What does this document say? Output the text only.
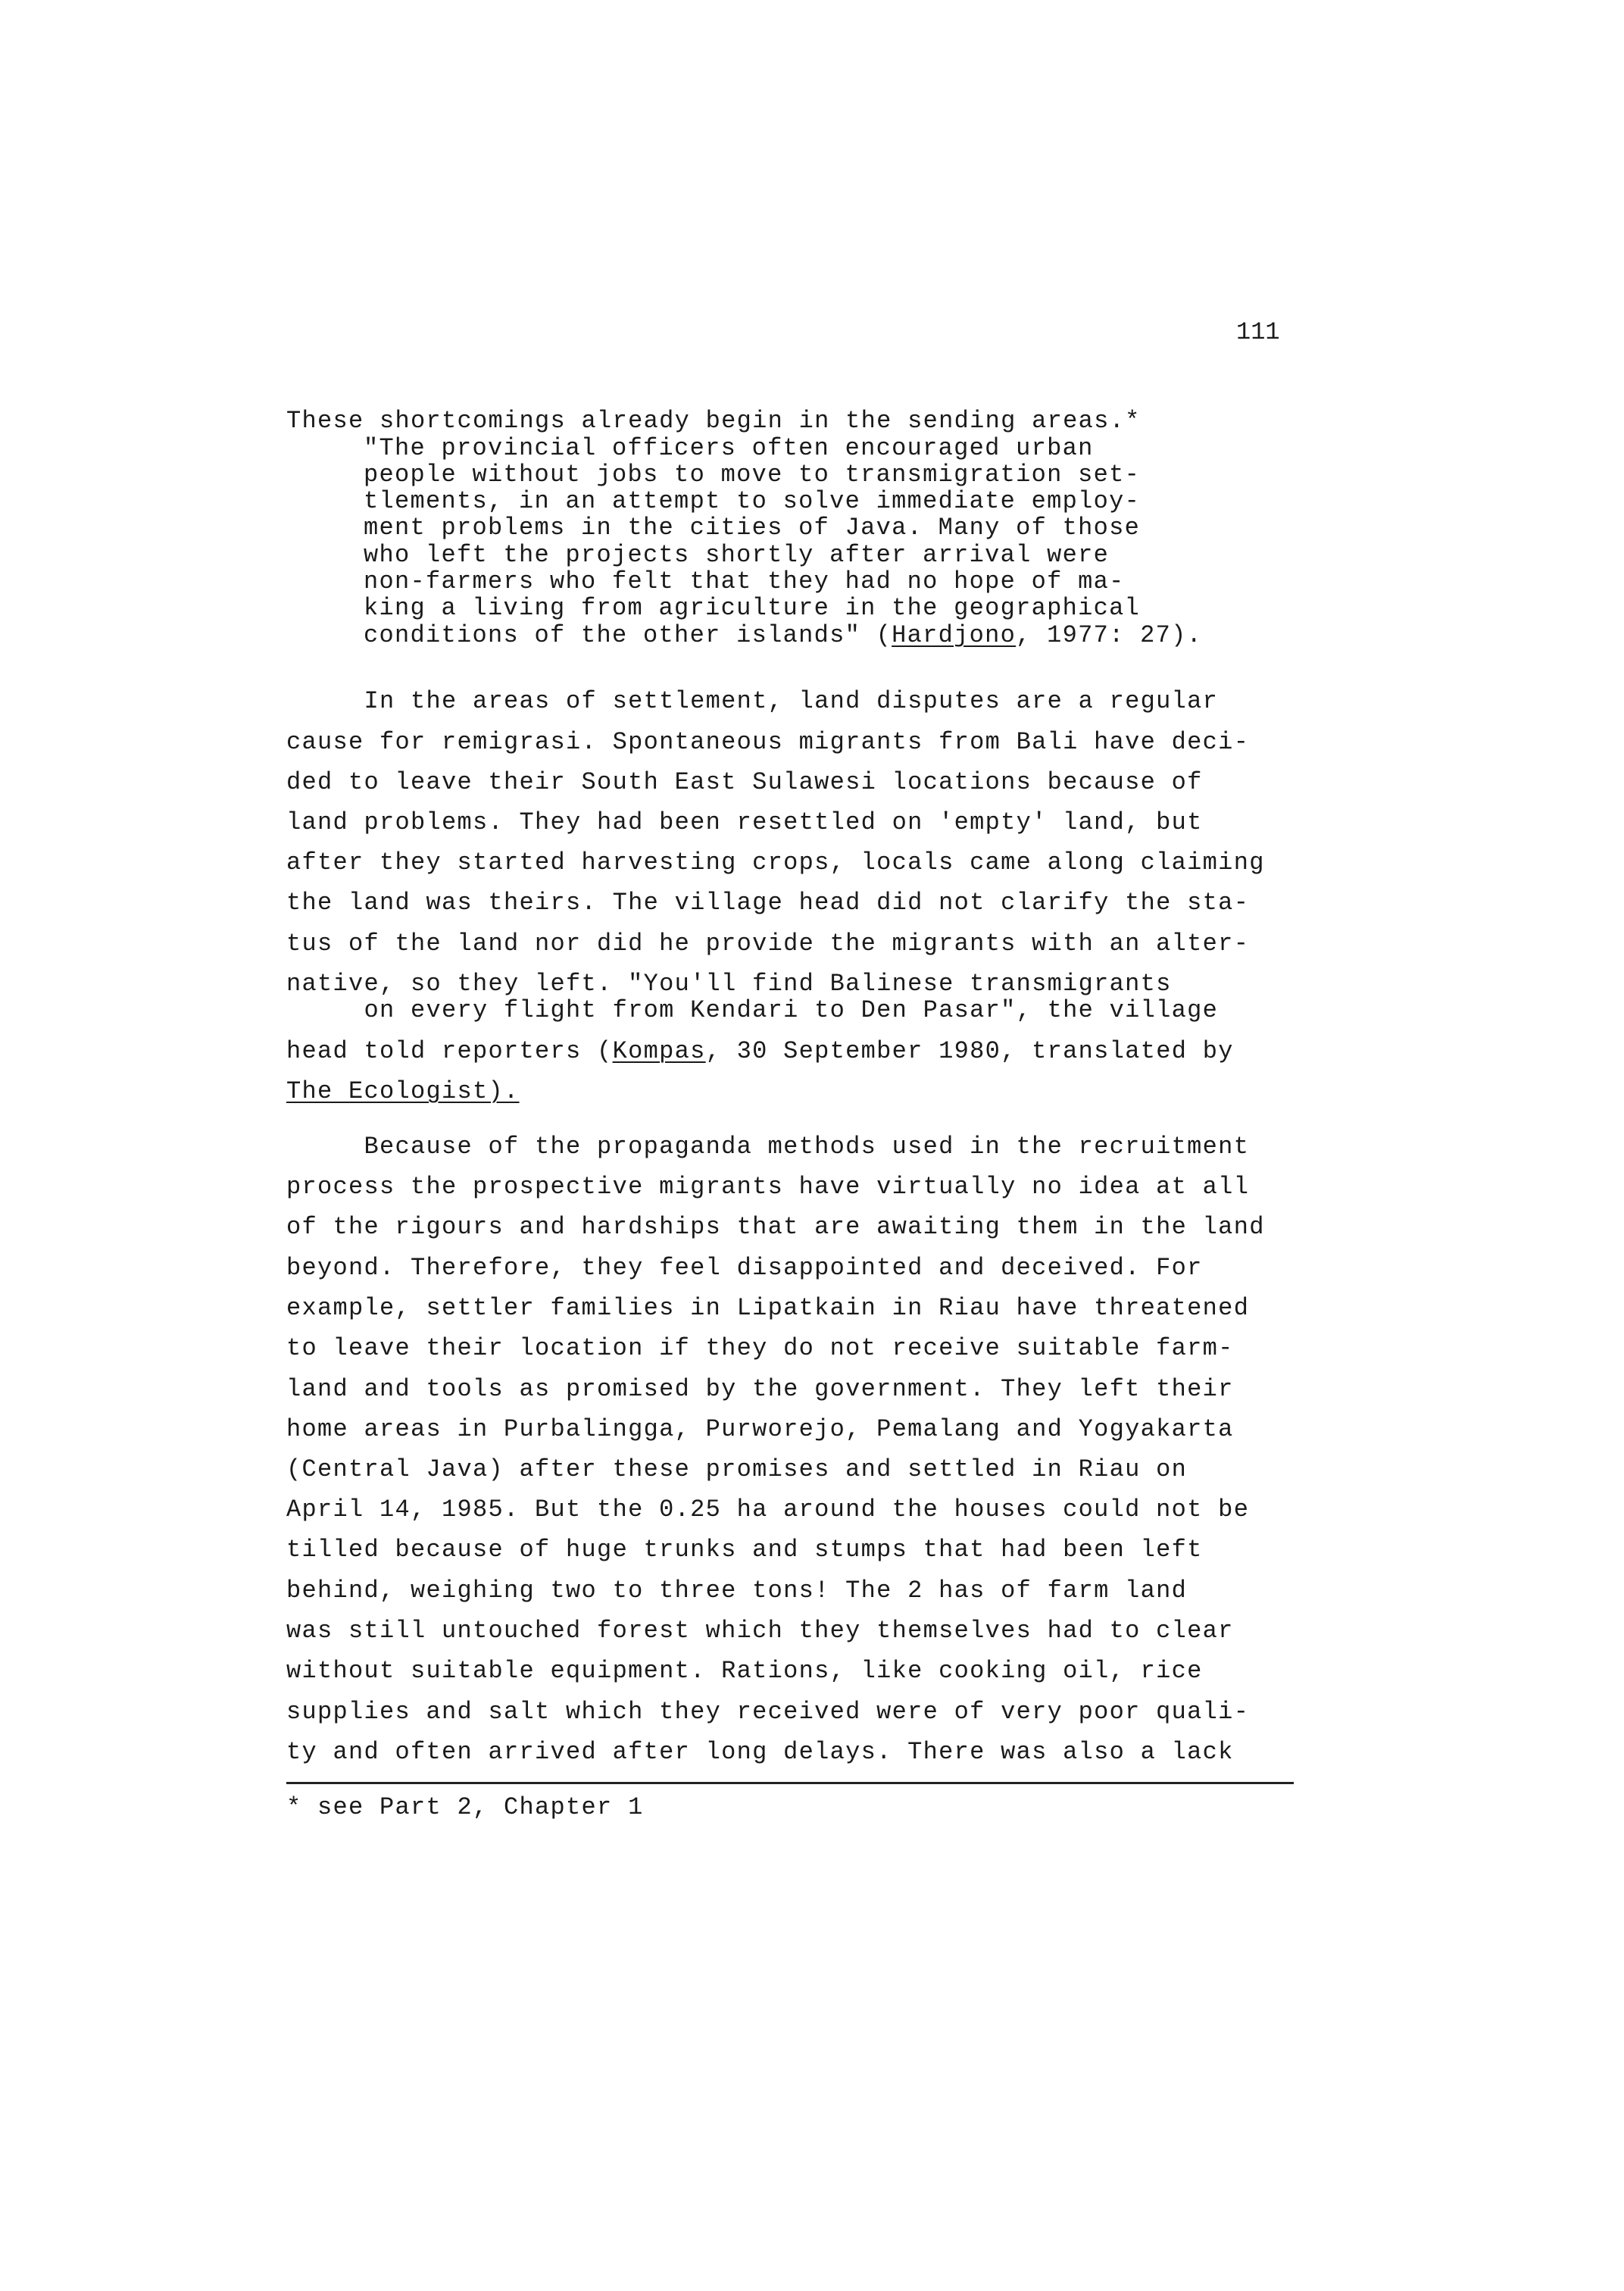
111
These shortcomings already begin in the sending areas.*
"The provincial officers often encouraged urban
people without jobs to move to transmigration set-
tlements, in an attempt to solve immediate employ-
ment problems in the cities of Java. Many of those
who left the projects shortly after arrival were
non-farmers who felt that they had no hope of ma-
king a living from agriculture in the geographical
conditions of the other islands" (Hardjono, 1977: 27).
In the areas of settlement, land disputes are a regular
cause for remigrasi. Spontaneous migrants from Bali have deci-
ded to leave their South East Sulawesi locations because of
land problems. They had been resettled on 'empty' land, but
after they started harvesting crops, locals came along claiming
the land was theirs. The village head did not clarify the sta-
tus of the land nor did he provide the migrants with an alter-
native, so they left. "You'll find Balinese transmigrants
on every flight from Kendari to Den Pasar", the village
head told reporters (Kompas, 30 September 1980, translated by
The Ecologist).
Because of the propaganda methods used in the recruitment
process the prospective migrants have virtually no idea at all
of the rigours and hardships that are awaiting them in the land
beyond. Therefore, they feel disappointed and deceived. For
example, settler families in Lipatkain in Riau have threatened
to leave their location if they do not receive suitable farm-
land and tools as promised by the government. They left their
home areas in Purbalingga, Purworejo, Pemalang and Yogyakarta
(Central Java) after these promises and settled in Riau on
April 14, 1985. But the 0.25 ha around the houses could not be
tilled because of huge trunks and stumps that had been left
behind, weighing two to three tons! The 2 has of farm land
was still untouched forest which they themselves had to clear
without suitable equipment. Rations, like cooking oil, rice
supplies and salt which they received were of very poor quali-
ty and often arrived after long delays. There was also a lack
* see Part 2, Chapter 1
